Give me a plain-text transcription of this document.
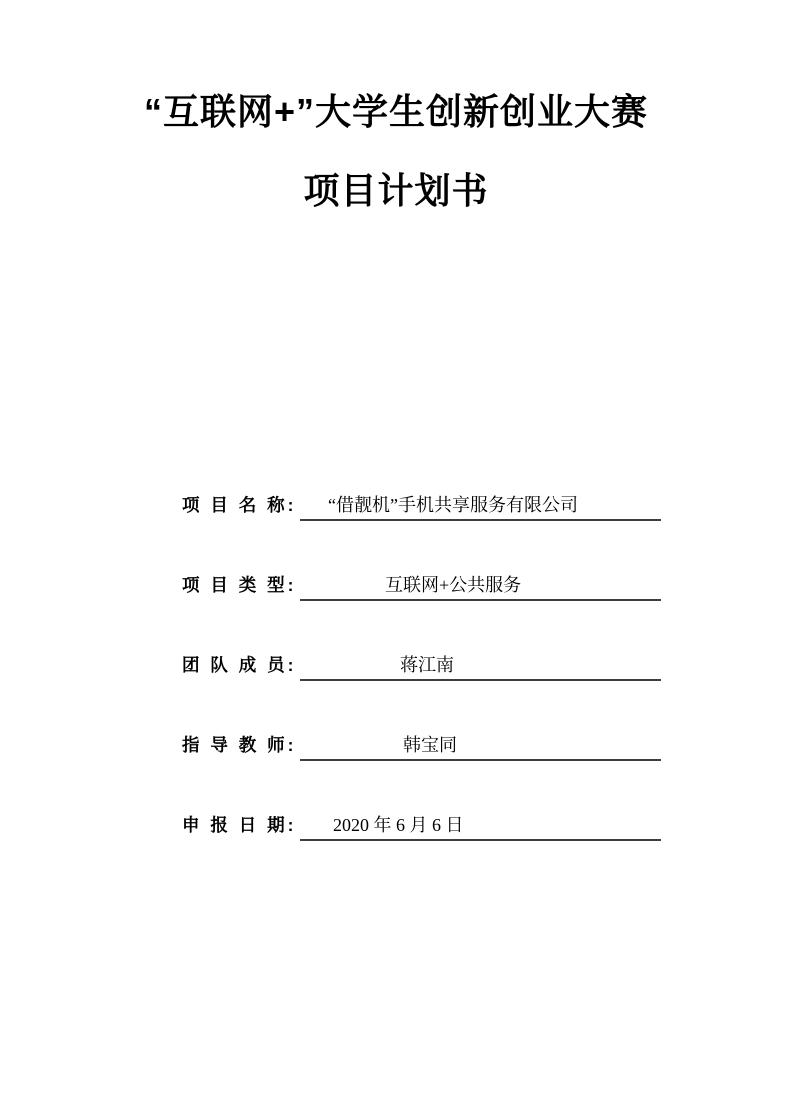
“互联网+”大学生创新创业大赛
项目计划书
项 目 名 称:	“借靓机”手机共享服务有限公司
项 目 类 型:	互联网+公共服务
团 队 成 员:	蒋江南
指 导 教 师:	韩宝同
申 报 日 期:	2020 年 6 月 6 日
